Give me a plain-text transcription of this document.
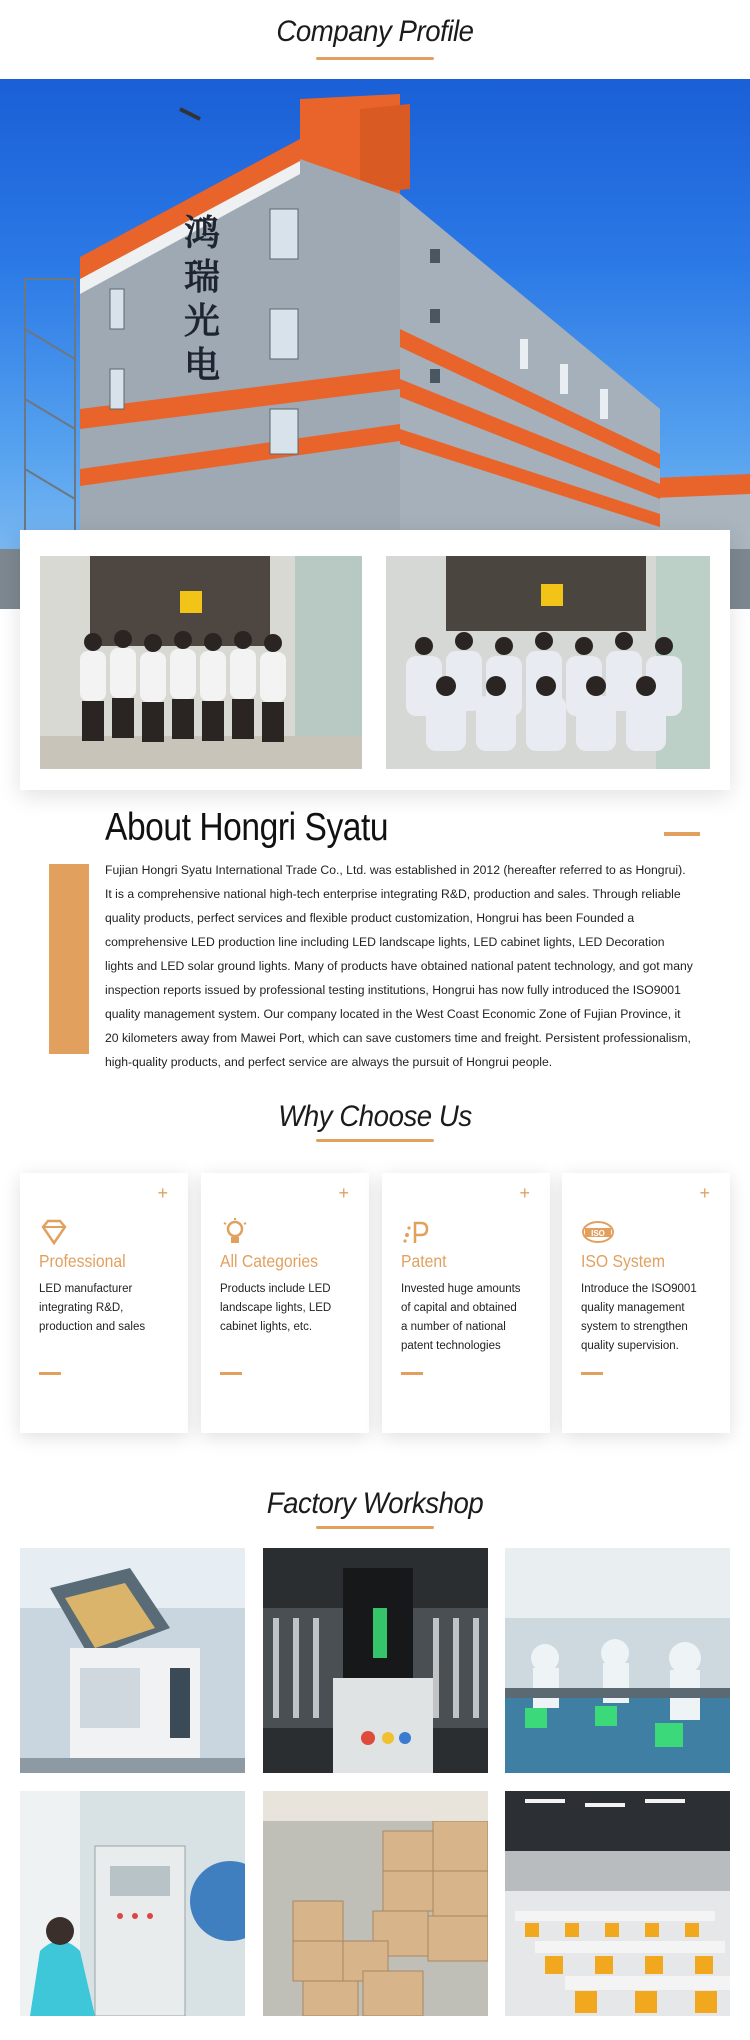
Company Profile
鸿
瑞
光
电
About Hongri Syatu
Fujian Hongri Syatu International Trade Co., Ltd. was established in 2012 (hereafter referred to as Hongrui). It is a comprehensive national high-tech enterprise integrating R&D, production and sales. Through reliable quality products, perfect services and flexible product customization, Hongrui has been Founded a comprehensive LED production line including LED landscape lights, LED cabinet lights, LED Decoration lights and LED solar ground lights. Many of products have obtained national patent technology, and got many inspection reports issued by professional testing institutions, Hongrui has now fully introduced the ISO9001 quality management system. Our company located in the West Coast Economic Zone of Fujian Province, it 20 kilometers away from Mawei Port, which can save customers time and freight. Persistent professionalism, high-quality products, and perfect service are always the pursuit of Hongrui people.
Why Choose Us
+
Professional
LED manufacturer integrating R&D, production and sales
+
All Categories
Products include LED landscape lights, LED cabinet lights, etc.
+
Patent
Invested huge amounts of capital and obtained a number of national patent technologies
+
ISO
ISO System
Introduce the ISO9001 quality management system to strengthen quality supervision.
Factory Workshop
